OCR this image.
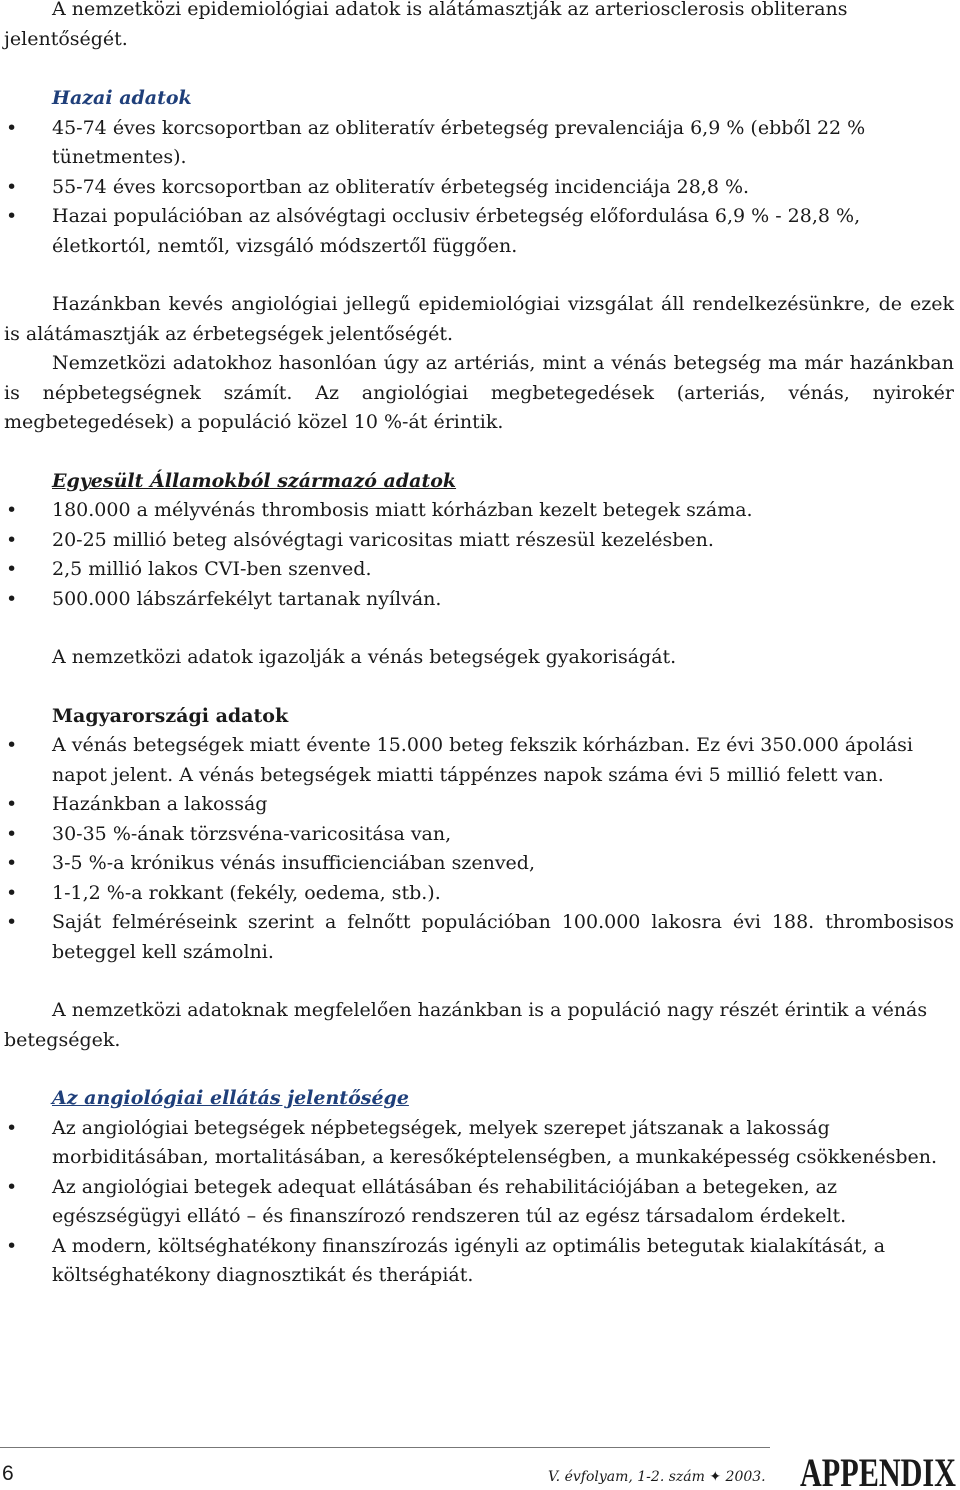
A nemzetközi epidemiológiai adatok is alátámasztják az arteriosclerosis obliterans jelentőségét.

Hazai adatok

• 45-74 éves korcsoportban az obliteratív érbetegség prevalenciája 6,9 % (ebből 22 % tünetmentes).
• 55-74 éves korcsoportban az obliteratív érbetegség incidenciája 28,8 %.
• Hazai populációban az alsóvégtagi occlusiv érbetegség előfordulása 6,9 % - 28,8 %, életkortól, nemtől, vizsgáló módszertől függően.

Hazánkban kevés angiológiai jellegű epidemiológiai vizsgálat áll rendelkezésünkre, de ezek is alátámasztják az érbetegségek jelentőségét.

Nemzetközi adatokhoz hasonlóan úgy az artériás, mint a vénás betegség ma már hazánkban is népbetegségnek számít. Az angiológiai megbetegedések (arteriás, vénás, nyirokér megbetegedések) a populáció közel 10 %-át érintik.

Egyesült Államokból származó adatok

• 180.000 a mélyvénás thrombosis miatt kórházban kezelt betegek száma.
• 20-25 millió beteg alsóvégtagi varicositas miatt részesül kezelésben.
• 2,5 millió lakos CVI-ben szenved.
• 500.000 lábszárfekélyt tartanak nyílván.

A nemzetközi adatok igazolják a vénás betegségek gyakoriságát.

Magyarországi adatok

• A vénás betegségek miatt évente 15.000 beteg fekszik kórházban. Ez évi 350.000 ápolási napot jelent. A vénás betegségek miatti táppénzes napok száma évi 5 millió felett van.
• Hazánkban a lakosság
• 30-35 %-ának törzsvéna-varicositása van,
• 3-5 %-a krónikus vénás insufficienciában szenved,
• 1-1,2 %-a rokkant (fekély, oedema, stb.).
• Saját felméréseink szerint a felnőtt populációban 100.000 lakosra évi 188. thrombosisos beteggel kell számolni.

A nemzetközi adatoknak megfelelően hazánkban is a populáció nagy részét érintik a vénás betegségek.

Az angiológiai ellátás jelentősége

• Az angiológiai betegségek népbetegségek, melyek szerepet játszanak a lakosság morbiditásában, mortalitásában, a keresőképtelenségben, a munkaképesség csökkenésben.
• Az angiológiai betegek adequat ellátásában és rehabilitációjában a betegeken, az egészségügyi ellátó – és finanszírozó rendszeren túl az egész társadalom érdekelt.
• A modern, költséghatékony finanszírozás igényli az optimális betegutak kialakítását, a költséghatékony diagnosztikát és therápiát.
6	V. évfolyam, 1-2. szám ✦ 2003. APPENDIX
